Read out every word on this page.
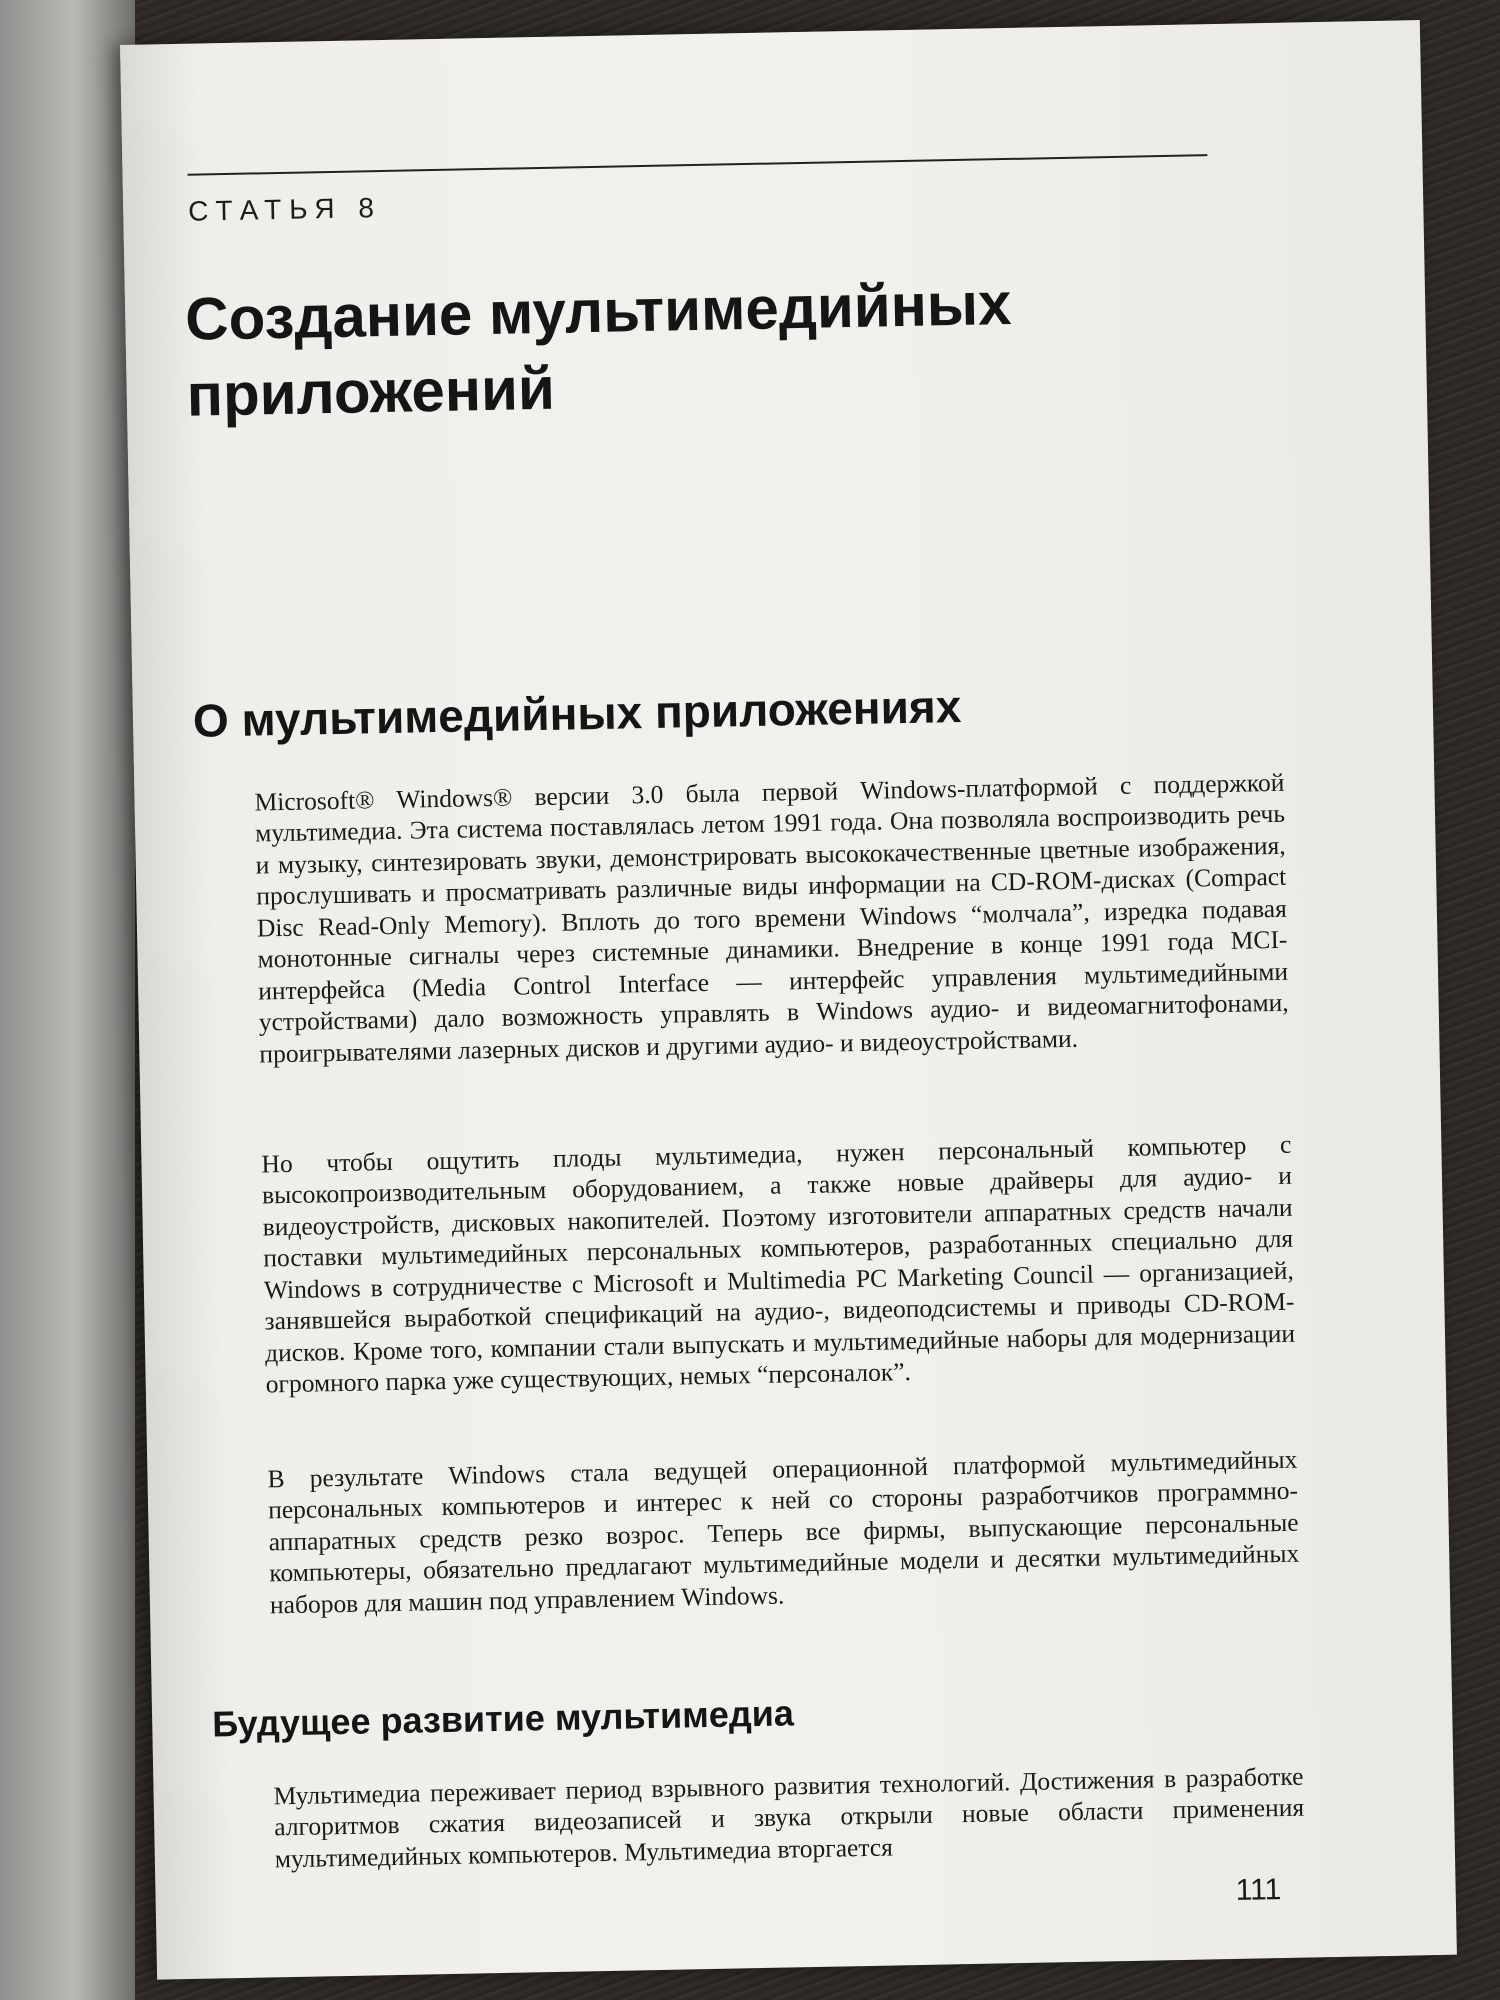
СТАТЬЯ 8
Создание мультимедийных приложений
О мультимедийных приложениях

Microsoft® Windows® версии 3.0 была первой Windows-платформой с поддержкой мультимедиа. Эта система поставлялась летом 1991 года. Она позволяла воспроизводить речь и музыку, синтезировать звуки, демонстрировать высококачественные цветные изображения, прослушивать и просматривать различные виды информации на CD-ROM-дисках (Compact Disc Read-Only Memory). Вплоть до того времени Windows “молчала”, изредка подавая монотонные сигналы через системные динамики. Внедрение в конце 1991 года MCI-интерфейса (Media Control Interface — интерфейс управления мультимедийными устройствами) дало возможность управлять в Windows аудио- и видеомагнитофонами, проигрывателями лазерных дисков и другими аудио- и видеоустройствами.

Но чтобы ощутить плоды мультимедиа, нужен персональный компьютер с высокопроизводительным оборудованием, а также новые драйверы для аудио- и видеоустройств, дисковых накопителей. Поэтому изготовители аппаратных средств начали поставки мультимедийных персональных компьютеров, разработанных специально для Windows в сотрудничестве с Microsoft и Multimedia PC Marketing Council — организацией, занявшейся выработкой спецификаций на аудио-, видеоподсистемы и приводы CD-ROM-дисков. Кроме того, компании стали выпускать и мультимедийные наборы для модернизации огромного парка уже существующих, немых “персоналок”.

В результате Windows стала ведущей операционной платформой мультимедийных персональных компьютеров и интерес к ней со стороны разработчиков программно-аппаратных средств резко возрос. Теперь все фирмы, выпускающие персональные компьютеры, обязательно предлагают мультимедийные модели и десятки мультимедийных наборов для машин под управлением Windows.

Будущее развитие мультимедиа

Мультимедиа переживает период взрывного развития технологий. Достижения в разработке алгоритмов сжатия видеозаписей и звука открыли новые области применения мультимедийных компьютеров. Мультимедиа вторгается

111
